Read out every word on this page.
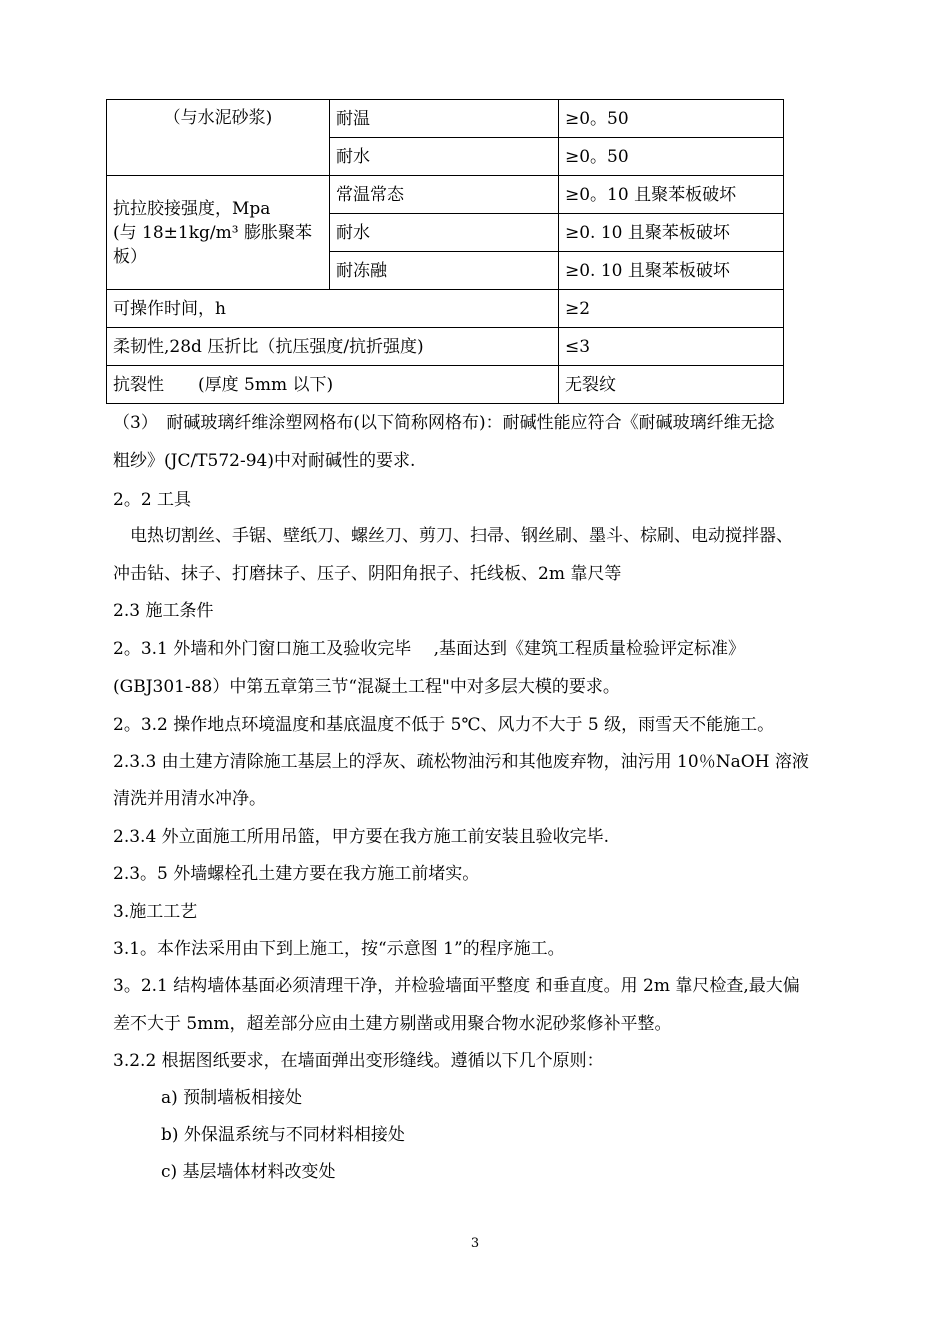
（与水泥砂浆)	耐温	≥0。50
	耐水	≥0。50

抗拉胶接强度，Mpa
(与 18±1kg/m³ 膨胀聚苯
板）	常温常态	≥0。10 且聚苯板破坏
	耐水	≥0. 10 且聚苯板破坏
	耐冻融	≥0. 10 且聚苯板破坏
可操作时间，h		≥2
柔韧性,28d 压折比（抗压强度/抗折强度)		≤3
抗裂性　　(厚度 5mm 以下)		无裂纹
（3）　耐碱玻璃纤维涂塑网格布(以下简称网格布)：耐碱性能应符合《耐碱玻璃纤维无捻
粗纱》(JC/T572-94)中对耐碱性的要求.
2。2 工具
　电热切割丝、手锯、壁纸刀、螺丝刀、剪刀、扫帚、钢丝刷、墨斗、棕刷、电动搅拌器、
冲击钻、抹子、打磨抹子、压子、阴阳角抿子、托线板、2m 靠尺等
2.3 施工条件
2。3.1 外墙和外门窗口施工及验收完毕　 ,基面达到《建筑工程质量检验评定标准》
(GBJ301-88）中第五章第三节“混凝土工程"中对多层大模的要求。
2。3.2 操作地点环境温度和基底温度不低于 5℃、风力不大于 5 级，雨雪天不能施工。
2.3.3 由土建方清除施工基层上的浮灰、疏松物油污和其他废弃物，油污用 10％NaOH 溶液
清洗并用清水冲净。
2.3.4 外立面施工所用吊篮，甲方要在我方施工前安装且验收完毕.
2.3。5 外墙螺栓孔土建方要在我方施工前堵实。
3.施工工艺
3.1。本作法采用由下到上施工，按“示意图 1”的程序施工。
3。2.1 结构墙体基面必须清理干净，并检验墙面平整度 和垂直度。用 2m 靠尺检查,最大偏
差不大于 5mm，超差部分应由土建方剔凿或用聚合物水泥砂浆修补平整。
3.2.2 根据图纸要求，在墙面弹出变形缝线。遵循以下几个原则：
a) 预制墙板相接处
b) 外保温系统与不同材料相接处
c) 基层墙体材料改变处
3
